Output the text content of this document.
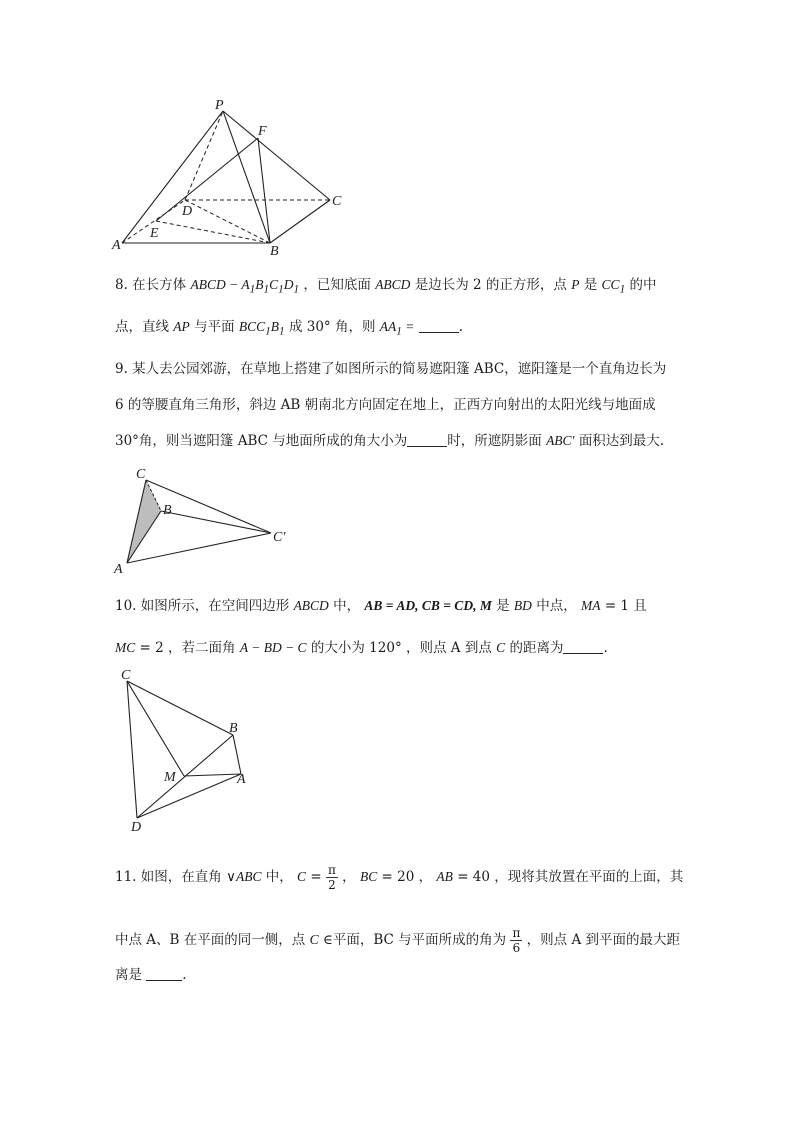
P
F
D
C
E
A	B
8. 在长方体 ABCD − $A_1B_1C_1D_1$ ，已知底面 ABCD 是边长为 2 的正方形，点 P 是 $CC_1$ 的中
点，直线 AP 与平面 $BCC_1B_1$ 成 30° 角，则 $AA_1$ =	.
9. 某人去公园郊游，在草地上搭建了如图所示的简易遮阳篷 ABC，遮阳篷是一个直角边长为
6 的等腰直角三角形，斜边 AB 朝南北方向固定在地上，正西方向射出的太阳光线与地面成
30°角，则当遮阳篷 ABC 与地面所成的角大小为	时，所遮阴影面 ABC′ 面积达到最大.
C
B
C′
A
10. 如图所示，在空间四边形 ABCD 中， AB = AD, CB = CD, M 是 BD 中点， MA = 1 且
MC = 2 ，若二面角 A − BD − C 的大小为 120° ，则点 A 到点 C 的距离为	.
C
B
M	A
D
11. 如图，在直角 ∨ABC 中， $C = \frac{\pi}{2}$ ， BC = 20 ， AB = 40 ，现将其放置在平面的上面，其
中点 A、B 在平面的同一侧，点 C ∈平面，BC 与平面所成的角为 $\frac{\pi}{6}$ ，则点 A 到平面的最大距
离是	.
